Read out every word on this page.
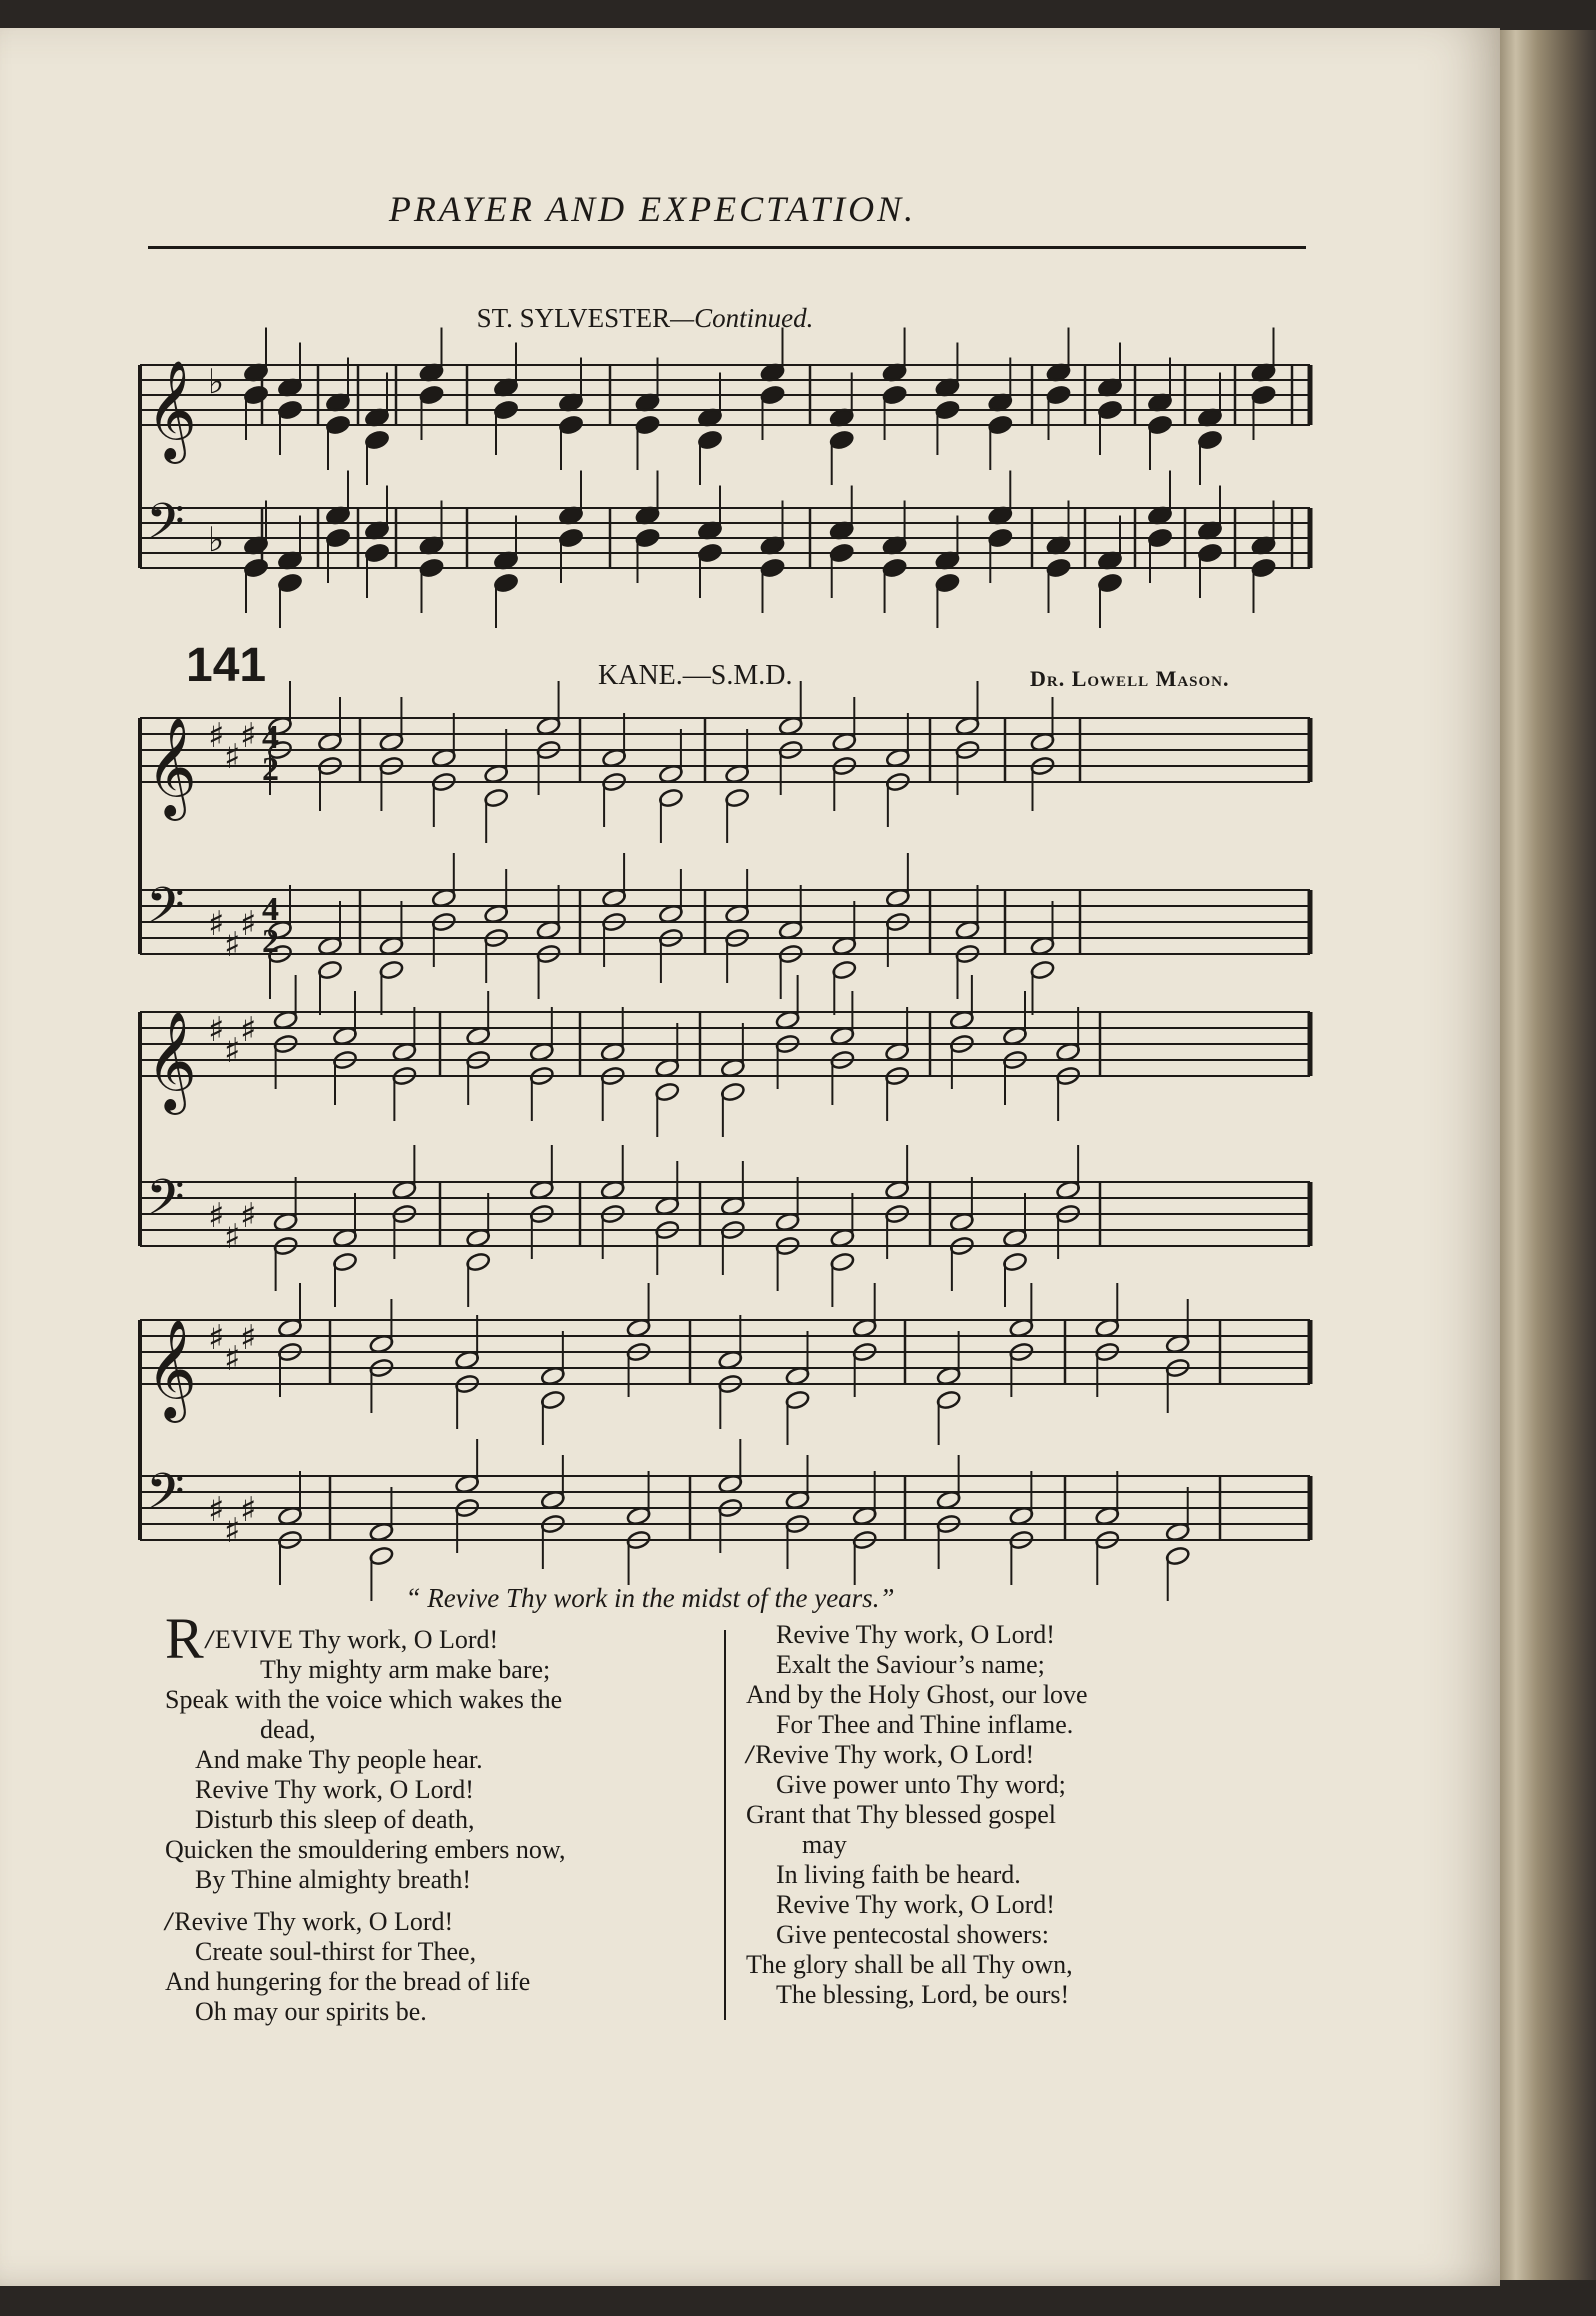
PRAYER AND EXPECTATION.
ST. SYLVESTER—Continued.
141	KANE.—S.M.D.	Dr. Lowell Mason.
𝄞
𝄢
♭
♭
𝄞
𝄢
♯
♯
♯
♯
♯
♯
𝄞
𝄢
♯
♯
♯
♯
♯
♯
𝄞
𝄢
♯
♯
♯
♯
♯
♯
4
2
4
2
“ Revive Thy work in the midst of the years.”
/
R EVIVE Thy work, O Lord!
Thy mighty arm make bare;
Speak with the voice which wakes the
dead,
And make Thy people hear.
Revive Thy work, O Lord!
Disturb this sleep of death,
Quicken the smouldering embers now,
By Thine almighty breath!
/Revive Thy work, O Lord!
Create soul-thirst for Thee,
And hungering for the bread of life
Oh may our spirits be.
Revive Thy work, O Lord!
Exalt the Saviour’s name;
And by the Holy Ghost, our love
For Thee and Thine inflame.
/Revive Thy work, O Lord!
Give power unto Thy word;
Grant that Thy blessed gospel
may
In living faith be heard.
Revive Thy work, O Lord!
Give pentecostal showers:
The glory shall be all Thy own,
The blessing, Lord, be ours!
